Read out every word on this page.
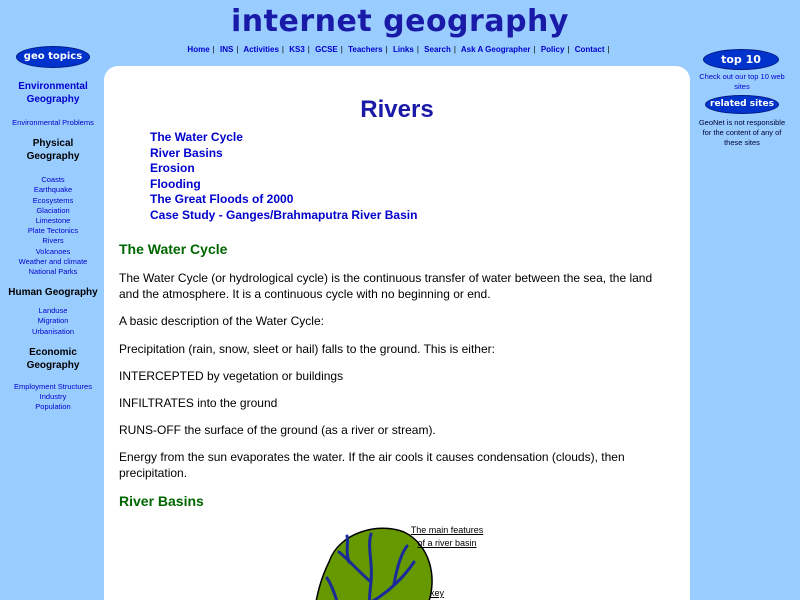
internet geography
Home | INS | Activities | KS3 | GCSE | Teachers | Links | Search | Ask A Geographer | Policy | Contact |
geo topics
Environmental Geography
Environmental Problems
Physical Geography
Coasts
Earthquake
Ecosystems
Glaciation
Limestone
Plate Tectonics
Rivers
Volcanoes
Weather and climate
National Parks
Human Geography
Landuse
Migration
Urbanisation
Economic Geography
Employment Structures
Industry
Population
top 10
Check out our top 10 web sites
related sites
GeoNet is not responsible for the content of any of these sites
Rivers
The Water Cycle
River Basins
Erosion
Flooding
The Great Floods of 2000
Case Study - Ganges/Brahmaputra River Basin
The Water Cycle
The Water Cycle (or hydrological cycle) is the continuous transfer of water between the sea, the land and the atmosphere. It is a continuous cycle with no beginning or end.
A basic description of the Water Cycle:
Precipitation (rain, snow, sleet or hail) falls to the ground. This is either:
INTERCEPTED by vegetation or buildings
INFILTRATES into the ground
RUNS-OFF the surface of the ground (as a river or stream).
Energy from the sun evaporates the water. If the air cools it causes condensation (clouds), then precipitation.
River Basins
The main features
of a river basin
key
